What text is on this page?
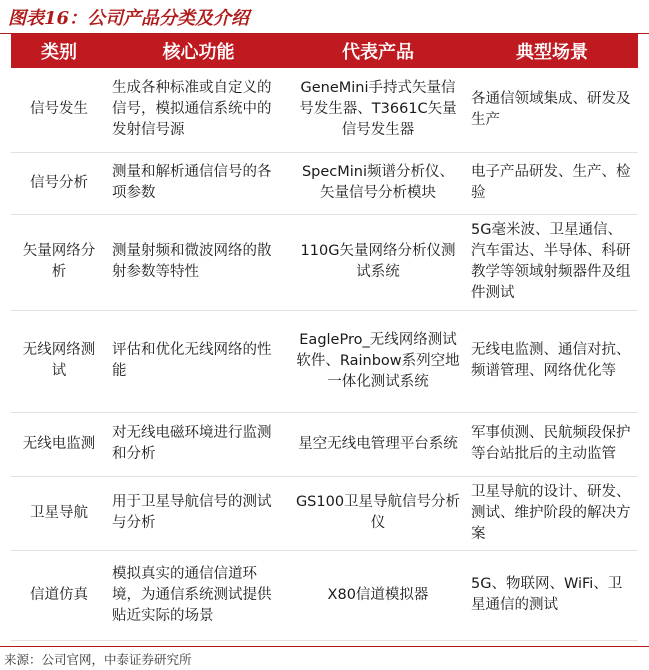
图表16：公司产品分类及介绍
类别	核心功能	代表产品	典型场景
信号发生	生成各种标准或自定义的信号，模拟通信系统中的发射信号源	GeneMini手持式矢量信号发生器、T3661C矢量信号发生器	各通信领域集成、研发及生产
信号分析	测量和解析通信信号的各项参数	SpecMini频谱分析仪、矢量信号分析模块	电子产品研发、生产、检验
矢量网络分析	测量射频和微波网络的散射参数等特性	110G矢量网络分析仪测试系统	5G毫米波、卫星通信、汽车雷达、半导体、科研教学等领域射频器件及组件测试
无线网络测试	评估和优化无线网络的性能	EaglePro_无线网络测试软件、Rainbow系列空地一体化测试系统	无线电监测、通信对抗、频谱管理、网络优化等
无线电监测	对无线电磁环境进行监测和分析	星空无线电管理平台系统	军事侦测、民航频段保护等台站批后的主动监管
卫星导航	用于卫星导航信号的测试与分析	GS100卫星导航信号分析仪	卫星导航的设计、研发、测试、维护阶段的解决方案
信道仿真	模拟真实的通信信道环境，为通信系统测试提供贴近实际的场景	X80信道模拟器	5G、物联网、WiFi、卫星通信的测试
来源：公司官网，中泰证券研究所
